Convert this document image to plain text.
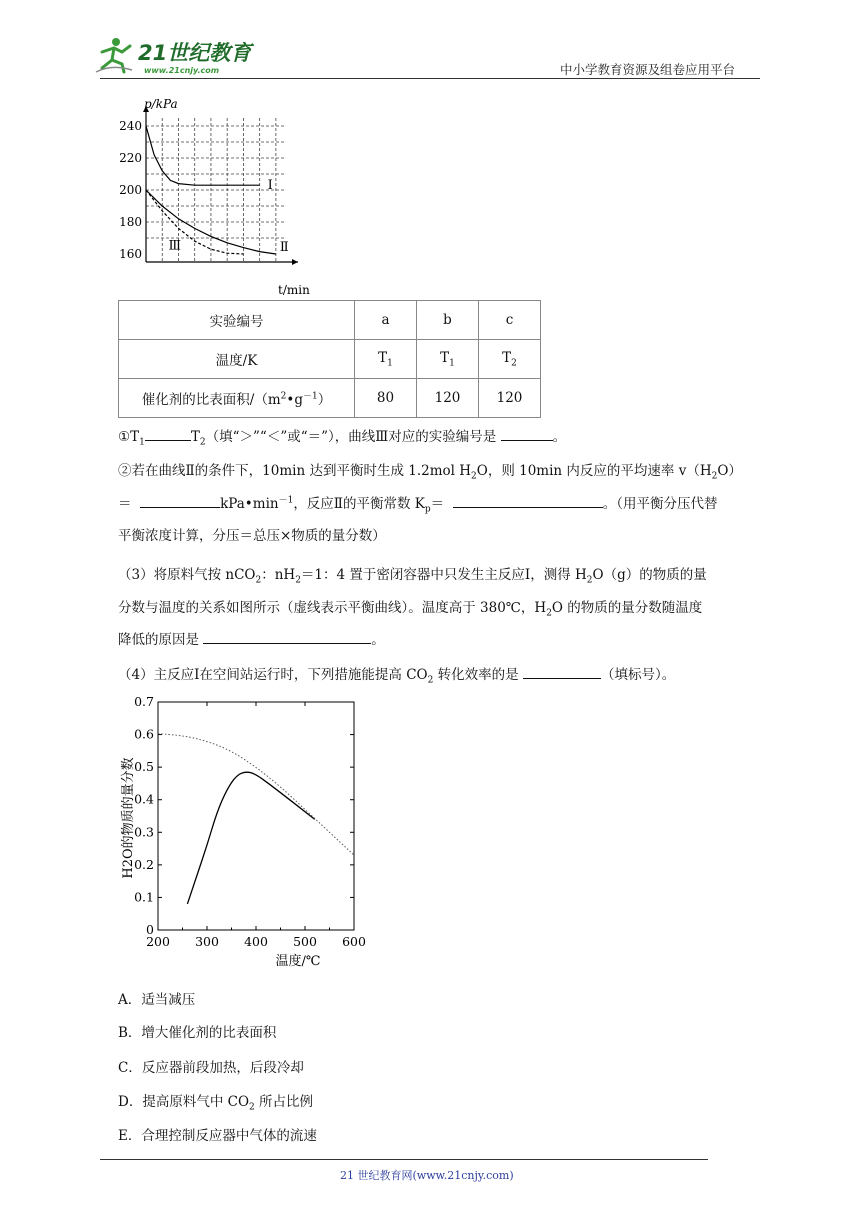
21世纪教育
www.21cnjy.com	中小学教育资源及组卷应用平台
240
220
200
180
160
Ⅰ
Ⅱ
Ⅲ
p/kPa
t/min
实验编号	a	b	c
温度/K	$T_1$	$T_1$	$T_2$
催化剂的比表面积$/(m^2•g^{-1})$	80	120	120
$①T_1$	$T_2$（填“＞”“＜”或“＝”），曲线Ⅲ对应的实验编号是	。
②若在曲线Ⅱ的条件下，10min 达到平衡时生成 1.2mol $H_2O$，则 10min 内反应的平均速率 $v(H_2O)$
＝	$kPa•\min^{-1}$，反应Ⅱ的平衡常数 $K_p=$	。（用平衡分压代替
平衡浓度计算，分压＝总压×物质的量分数）
（3）将原料气按 nCO$_2$：$nH_2=1$：4 置于密闭容器中只发生主反应Ⅰ，测得 $H_2O(g)$的物质的量
分数与温度的关系如图所示（虚线表示平衡曲线）。温度高于 380℃，$H_2O$ 的物质的量分数随温度
降低的原因是	。
（4）主反应Ⅰ在空间站运行时，下列措施能提高 $CO_2$ 转化效率的是	（填标号）。
200 300 400 500 600
0
0.1
0.2
0.3
0.4
0.5
0.6
0.7
温度/℃
H2O的物质的量分数
A．适当减压
B．增大催化剂的比表面积
C．反应器前段加热，后段冷却
D．提高原料气中 $CO_2$ 所占比例
E．合理控制反应器中气体的流速
21 世纪教育网(www.21cnjy.com)
